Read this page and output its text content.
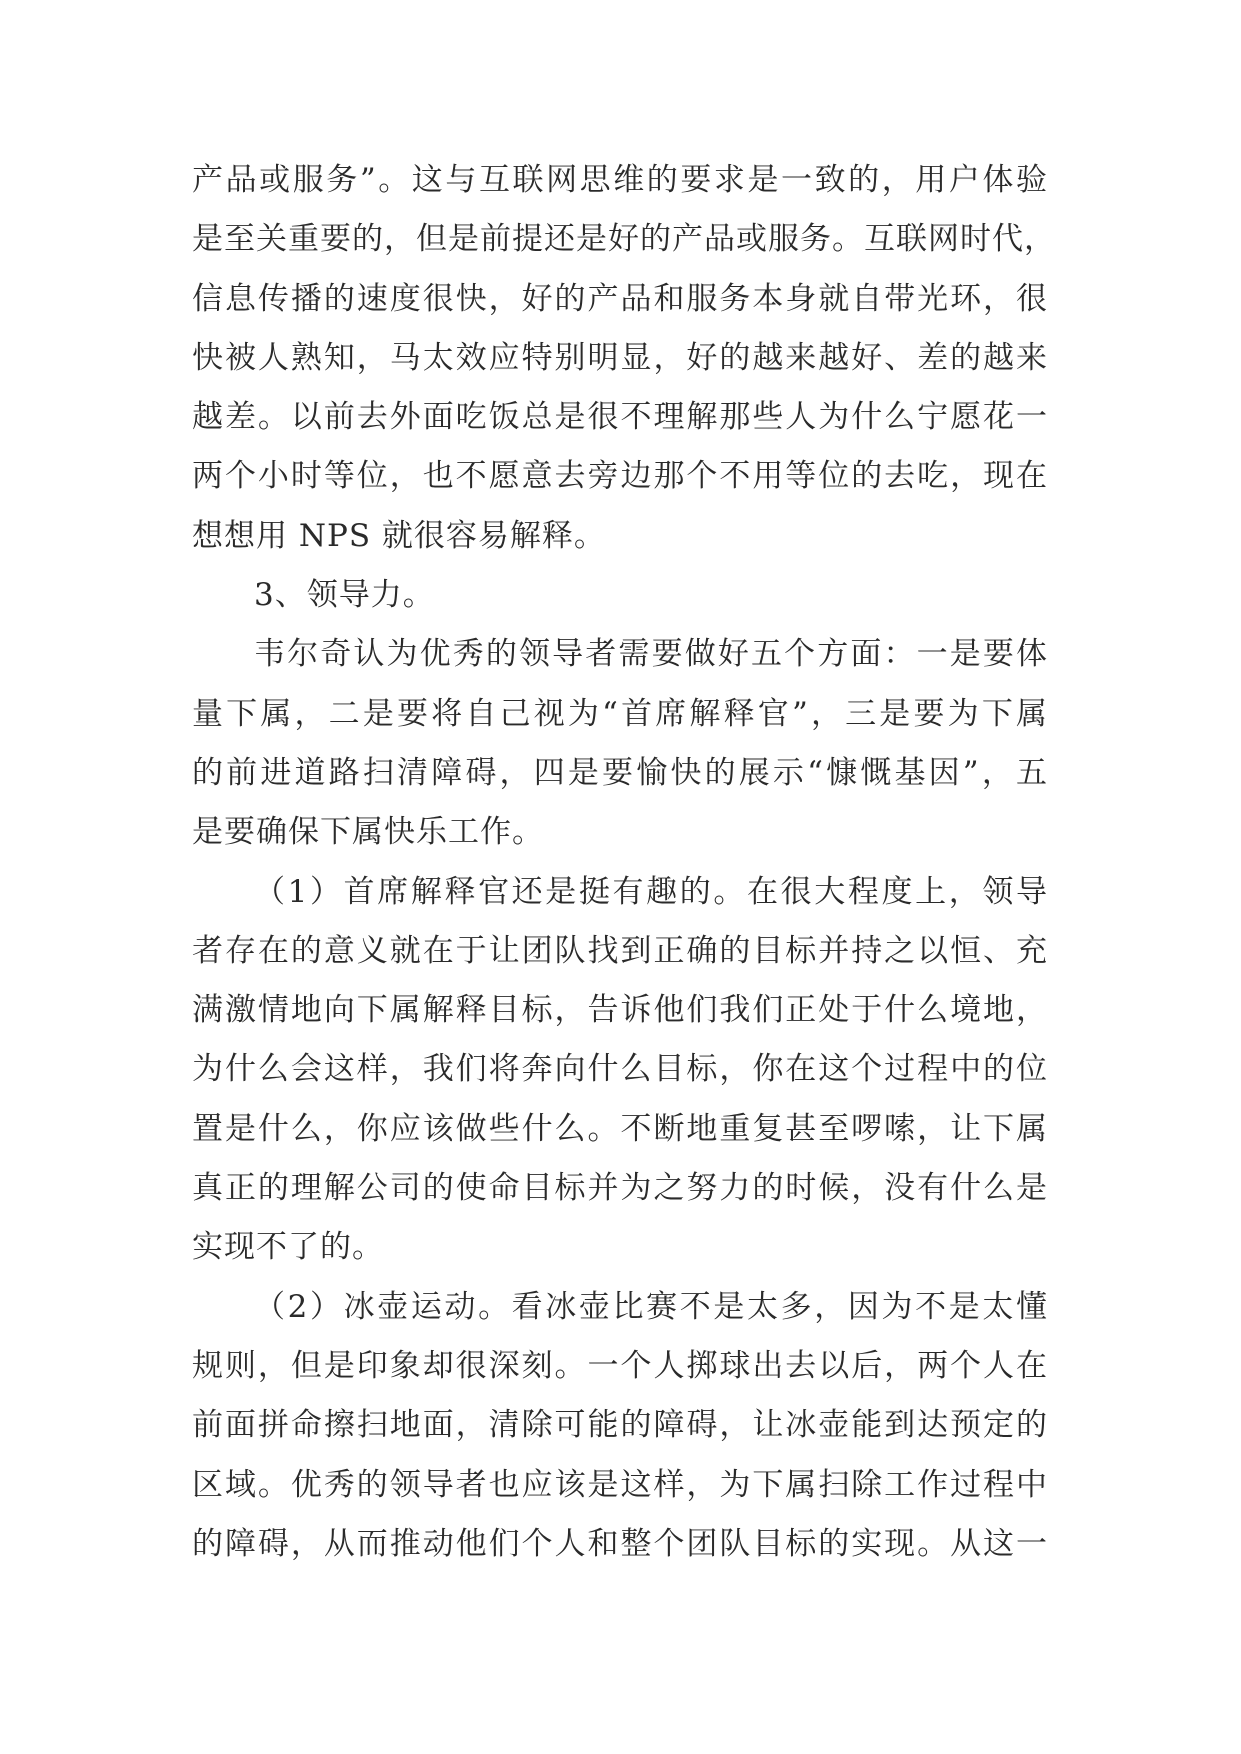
产品或服务”。这与互联网思维的要求是一致的，用户体验
是至关重要的，但是前提还是好的产品或服务。互联网时代，
信息传播的速度很快，好的产品和服务本身就自带光环，很
快被人熟知，马太效应特别明显，好的越来越好、差的越来
越差。以前去外面吃饭总是很不理解那些人为什么宁愿花一
两个小时等位，也不愿意去旁边那个不用等位的去吃，现在
想想用 NPS 就很容易解释。
3、领导力。
韦尔奇认为优秀的领导者需要做好五个方面：一是要体
量下属，二是要将自己视为“首席解释官”，三是要为下属
的前进道路扫清障碍，四是要愉快的展示“慷慨基因”，五
是要确保下属快乐工作。
（1）首席解释官还是挺有趣的。在很大程度上，领导
者存在的意义就在于让团队找到正确的目标并持之以恒、充
满激情地向下属解释目标，告诉他们我们正处于什么境地，
为什么会这样，我们将奔向什么目标，你在这个过程中的位
置是什么，你应该做些什么。不断地重复甚至啰嗦，让下属
真正的理解公司的使命目标并为之努力的时候，没有什么是
实现不了的。
（2）冰壶运动。看冰壶比赛不是太多，因为不是太懂
规则，但是印象却很深刻。一个人掷球出去以后，两个人在
前面拼命擦扫地面，清除可能的障碍，让冰壶能到达预定的
区域。优秀的领导者也应该是这样，为下属扫除工作过程中
的障碍，从而推动他们个人和整个团队目标的实现。从这一
